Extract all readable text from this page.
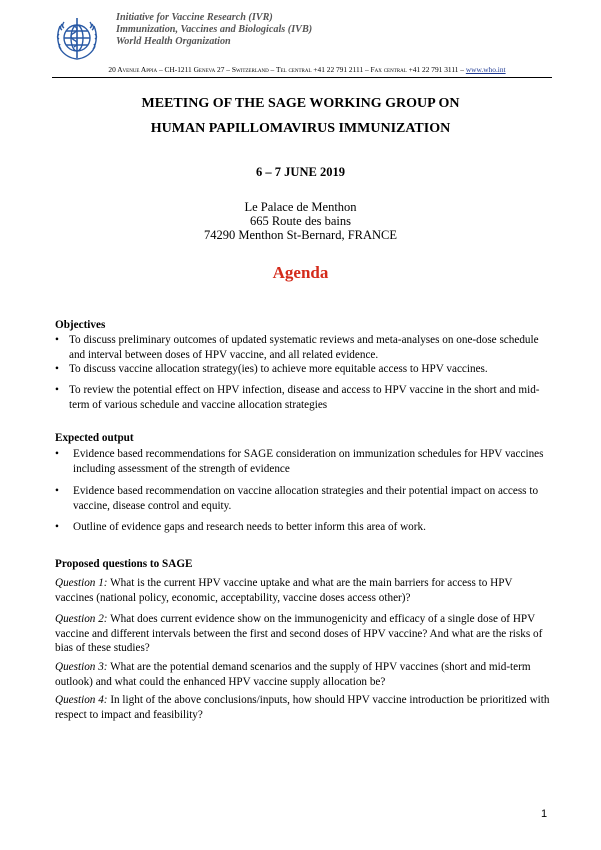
Initiative for Vaccine Research (IVR)
Immunization, Vaccines and Biologicals (IVB)
World Health Organization
20 Avenue Appia – CH-1211 Geneva 27 – Switzerland – Tel central +41 22 791 2111 – Fax central +41 22 791 3111 – www.who.int
MEETING OF THE SAGE WORKING GROUP ON
HUMAN PAPILLOMAVIRUS IMMUNIZATION
6 – 7 JUNE 2019
Le Palace de Menthon
665 Route des bains
74290 Menthon St-Bernard, FRANCE
Agenda
Objectives
• To discuss preliminary outcomes of updated systematic reviews and meta-analyses on one-dose schedule and interval between doses of HPV vaccine, and all related evidence.
• To discuss vaccine allocation strategy(ies) to achieve more equitable access to HPV vaccines.
• To review the potential effect on HPV infection, disease and access to HPV vaccine in the short and mid-term of various schedule and vaccine allocation strategies
Expected output
• Evidence based recommendations for SAGE consideration on immunization schedules for HPV vaccines including assessment of the strength of evidence
• Evidence based recommendation on vaccine allocation strategies and their potential impact on access to vaccine, disease control and equity.
• Outline of evidence gaps and research needs to better inform this area of work.
Proposed questions to SAGE
Question 1: What is the current HPV vaccine uptake and what are the main barriers for access to HPV vaccines (national policy, economic, acceptability, vaccine doses access other)?
Question 2: What does current evidence show on the immunogenicity and efficacy of a single dose of HPV vaccine and different intervals between the first and second doses of HPV vaccine? And what are the risks of bias of these studies?
Question 3: What are the potential demand scenarios and the supply of HPV vaccines (short and mid-term outlook) and what could the enhanced HPV vaccine supply allocation be?
Question 4: In light of the above conclusions/inputs, how should HPV vaccine introduction be prioritized with respect to impact and feasibility?
1
